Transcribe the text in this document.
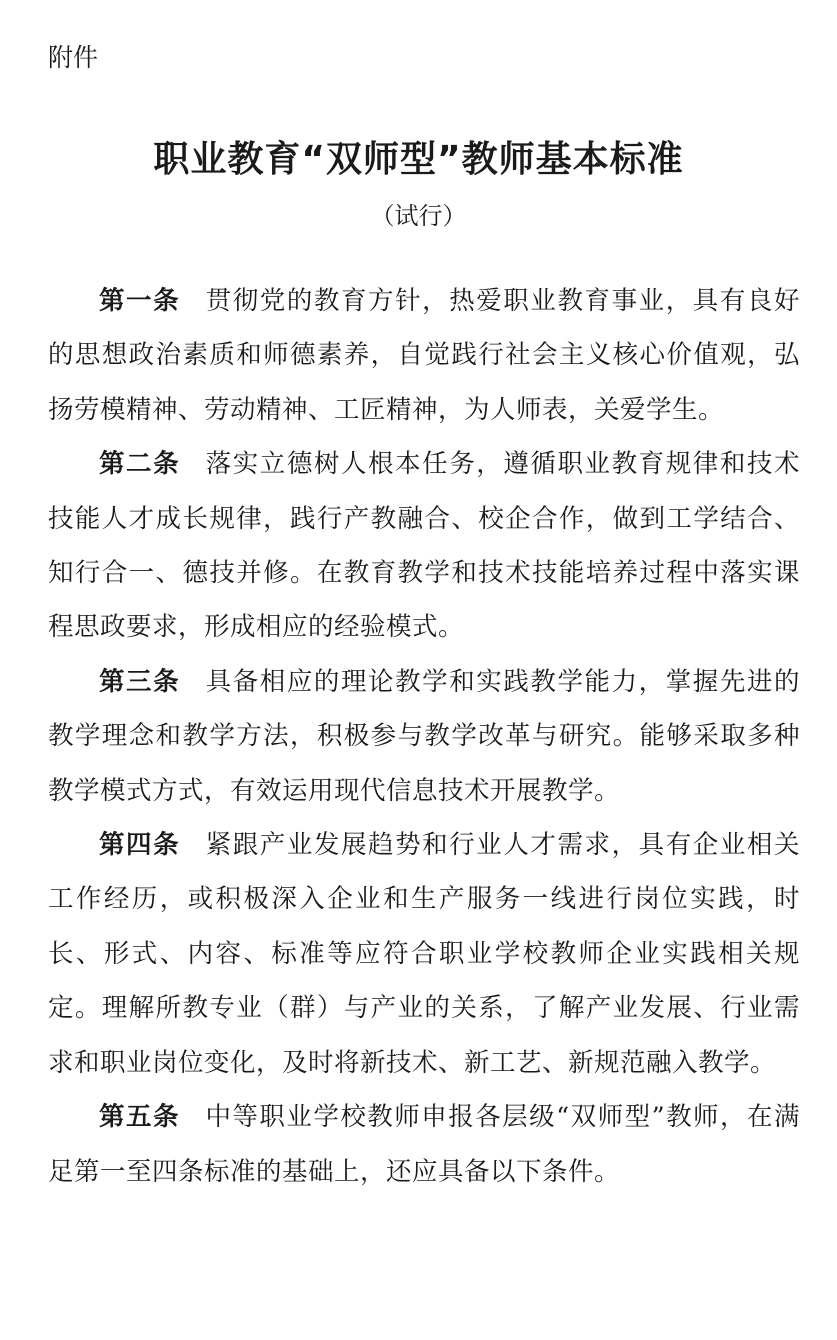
附件
职业教育“双师型”教师基本标准
（试行）

第一条 贯彻党的教育方针，热爱职业教育事业，具有良好的思想政治素质和师德素养，自觉践行社会主义核心价值观，弘扬劳模精神、劳动精神、工匠精神，为人师表，关爱学生。

第二条 落实立德树人根本任务，遵循职业教育规律和技术技能人才成长规律，践行产教融合、校企合作，做到工学结合、知行合一、德技并修。在教育教学和技术技能培养过程中落实课程思政要求，形成相应的经验模式。

第三条 具备相应的理论教学和实践教学能力，掌握先进的教学理念和教学方法，积极参与教学改革与研究。能够采取多种教学模式方式，有效运用现代信息技术开展教学。

第四条 紧跟产业发展趋势和行业人才需求，具有企业相关工作经历，或积极深入企业和生产服务一线进行岗位实践，时长、形式、内容、标准等应符合职业学校教师企业实践相关规定。理解所教专业（群）与产业的关系，了解产业发展、行业需求和职业岗位变化，及时将新技术、新工艺、新规范融入教学。

第五条 中等职业学校教师申报各层级“双师型”教师，在满足第一至四条标准的基础上，还应具备以下条件。
